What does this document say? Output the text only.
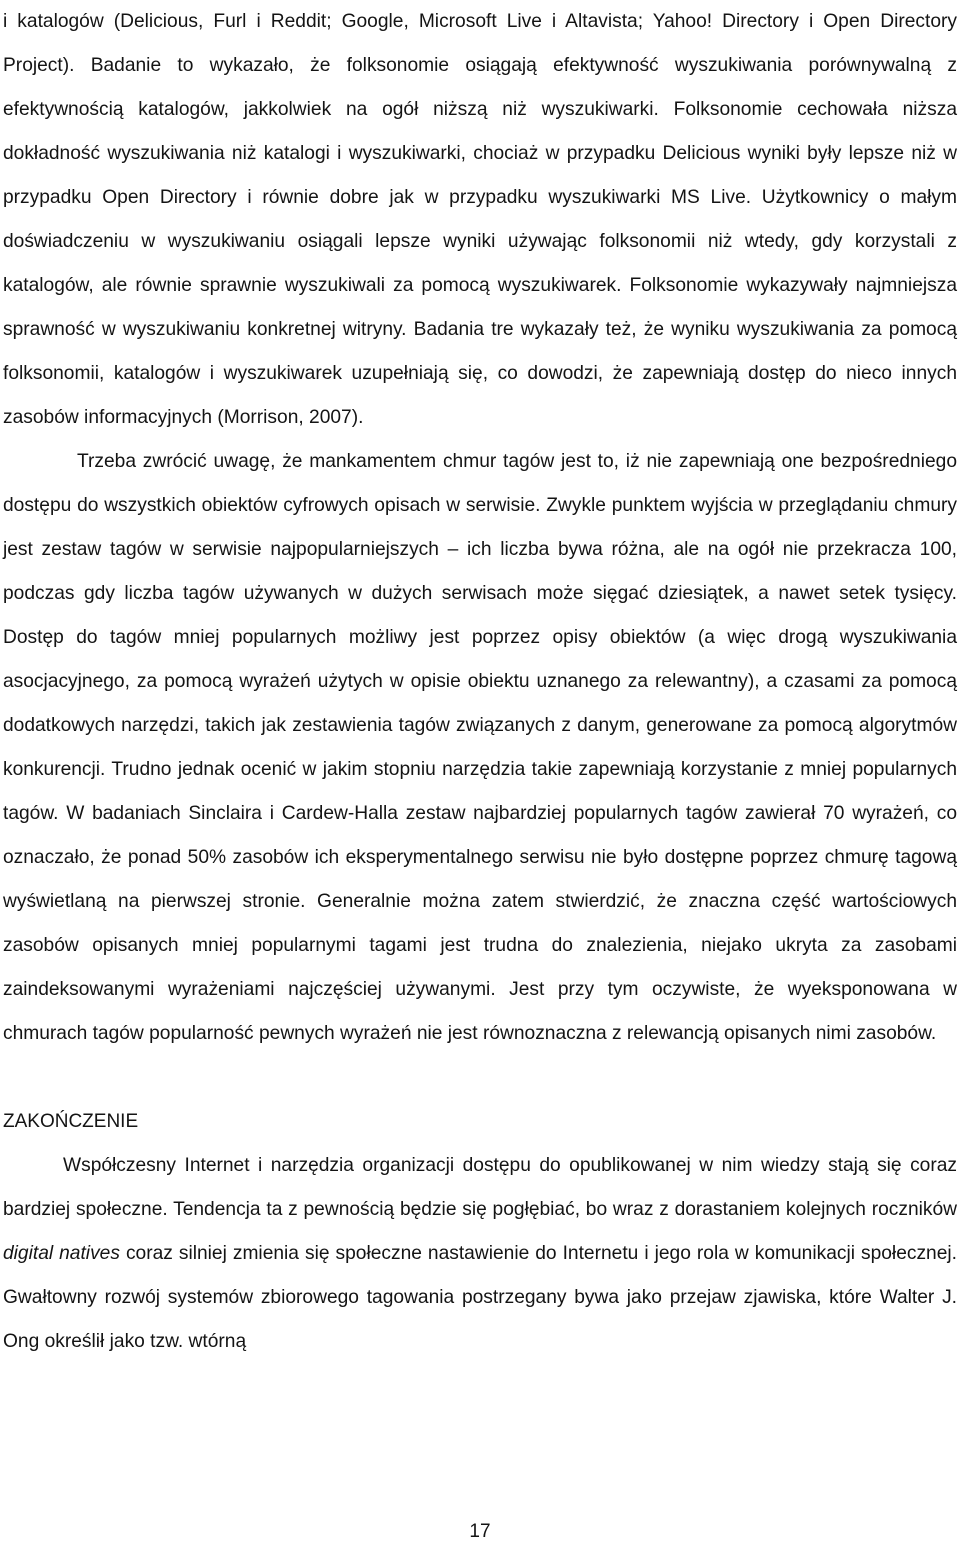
i katalogów (Delicious, Furl i Reddit; Google, Microsoft Live i Altavista; Yahoo! Directory i Open Directory Project). Badanie to wykazało, że folksonomie osiągają efektywność wyszukiwania porównywalną z efektywnością katalogów, jakkolwiek na ogół niższą niż wyszukiwarki. Folksonomie cechowała niższa dokładność wyszukiwania niż katalogi i wyszukiwarki, chociaż w przypadku Delicious wyniki były lepsze niż w przypadku Open Directory i równie dobre jak w przypadku wyszukiwarki MS Live. Użytkownicy o małym doświadczeniu w wyszukiwaniu osiągali lepsze wyniki używając folksonomii niż wtedy, gdy korzystali z katalogów, ale równie sprawnie wyszukiwali za pomocą wyszukiwarek. Folksonomie wykazywały najmniejsza sprawność w wyszukiwaniu konkretnej witryny. Badania tre wykazały też, że wyniku wyszukiwania za pomocą folksonomii, katalogów i wyszukiwarek uzupełniają się, co dowodzi, że zapewniają dostęp do nieco innych zasobów informacyjnych (Morrison, 2007).

Trzeba zwrócić uwagę, że mankamentem chmur tagów jest to, iż nie zapewniają one bezpośredniego dostępu do wszystkich obiektów cyfrowych opisach w serwisie. Zwykle punktem wyjścia w przeglądaniu chmury jest zestaw tagów w serwisie najpopularniejszych – ich liczba bywa różna, ale na ogół nie przekracza 100, podczas gdy liczba tagów używanych w dużych serwisach może sięgać dziesiątek, a nawet setek tysięcy. Dostęp do tagów mniej popularnych możliwy jest poprzez opisy obiektów (a więc drogą wyszukiwania asocjacyjnego, za pomocą wyrażeń użytych w opisie obiektu uznanego za relewantny), a czasami za pomocą dodatkowych narzędzi, takich jak zestawienia tagów związanych z danym, generowane za pomocą algorytmów konkurencji. Trudno jednak ocenić w jakim stopniu narzędzia takie zapewniają korzystanie z mniej popularnych tagów. W badaniach Sinclaira i Cardew-Halla zestaw najbardziej popularnych tagów zawierał 70 wyrażeń, co oznaczało, że ponad 50% zasobów ich eksperymentalnego serwisu nie było dostępne poprzez chmurę tagową wyświetlaną na pierwszej stronie. Generalnie można zatem stwierdzić, że znaczna część wartościowych zasobów opisanych mniej popularnymi tagami jest trudna do znalezienia, niejako ukryta za zasobami zaindeksowanymi wyrażeniami najczęściej używanymi. Jest przy tym oczywiste, że wyeksponowana w chmurach tagów popularność pewnych wyrażeń nie jest równoznaczna z relewancją opisanych nimi zasobów.

ZAKOŃCZENIE

Współczesny Internet i narzędzia organizacji dostępu do opublikowanej w nim wiedzy stają się coraz bardziej społeczne. Tendencja ta z pewnością będzie się pogłębiać, bo wraz z dorastaniem kolejnych roczników digital natives coraz silniej zmienia się społeczne nastawienie do Internetu i jego rola w komunikacji społecznej. Gwałtowny rozwój systemów zbiorowego tagowania postrzegany bywa jako przejaw zjawiska, które Walter J. Ong określił jako tzw. wtórną

17
